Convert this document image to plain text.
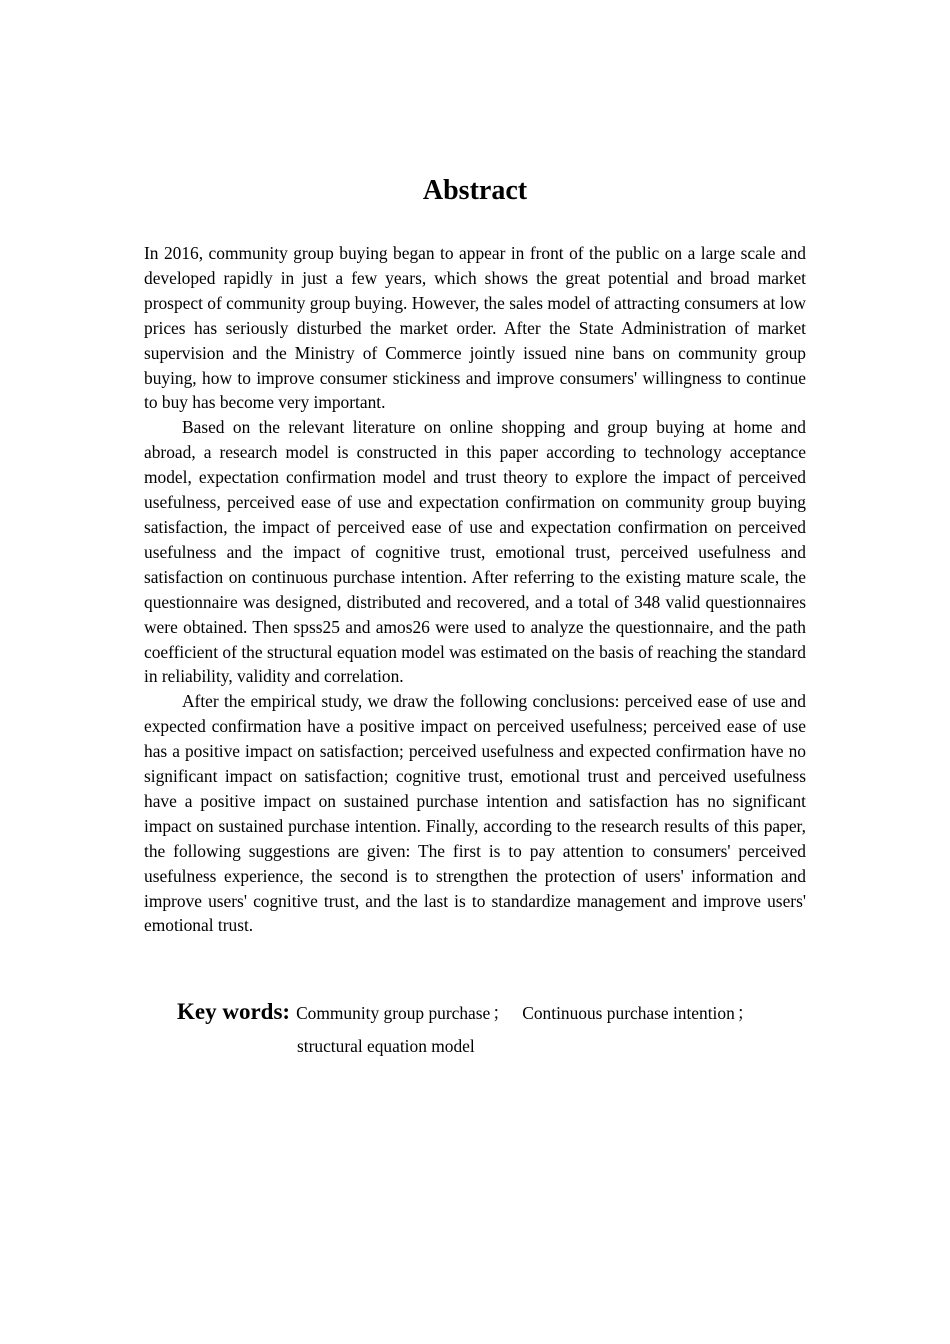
Abstract

In 2016, community group buying began to appear in front of the public on a large scale and developed rapidly in just a few years, which shows the great potential and broad market prospect of community group buying. However, the sales model of attracting consumers at low prices has seriously disturbed the market order. After the State Administration of market supervision and the Ministry of Commerce jointly issued nine bans on community group buying, how to improve consumer stickiness and improve consumers' willingness to continue to buy has become very important.

Based on the relevant literature on online shopping and group buying at home and abroad, a research model is constructed in this paper according to technology acceptance model, expectation confirmation model and trust theory to explore the impact of perceived usefulness, perceived ease of use and expectation confirmation on community group buying satisfaction, the impact of perceived ease of use and expectation confirmation on perceived usefulness and the impact of cognitive trust, emotional trust, perceived usefulness and satisfaction on continuous purchase intention. After referring to the existing mature scale, the questionnaire was designed, distributed and recovered, and a total of 348 valid questionnaires were obtained. Then spss25 and amos26 were used to analyze the questionnaire, and the path coefficient of the structural equation model was estimated on the basis of reaching the standard in reliability, validity and correlation.

After the empirical study, we draw the following conclusions: perceived ease of use and expected confirmation have a positive impact on perceived usefulness; perceived ease of use has a positive impact on satisfaction; perceived usefulness and expected confirmation have no significant impact on satisfaction; cognitive trust, emotional trust and perceived usefulness have a positive impact on sustained purchase intention and satisfaction has no significant impact on sustained purchase intention. Finally, according to the research results of this paper, the following suggestions are given: The first is to pay attention to consumers' perceived usefulness experience, the second is to strengthen the protection of users' information and improve users' cognitive trust, and the last is to standardize management and improve users' emotional trust.

Key words: Community group purchase ； Continuous purchase intention ；
structural equation model
